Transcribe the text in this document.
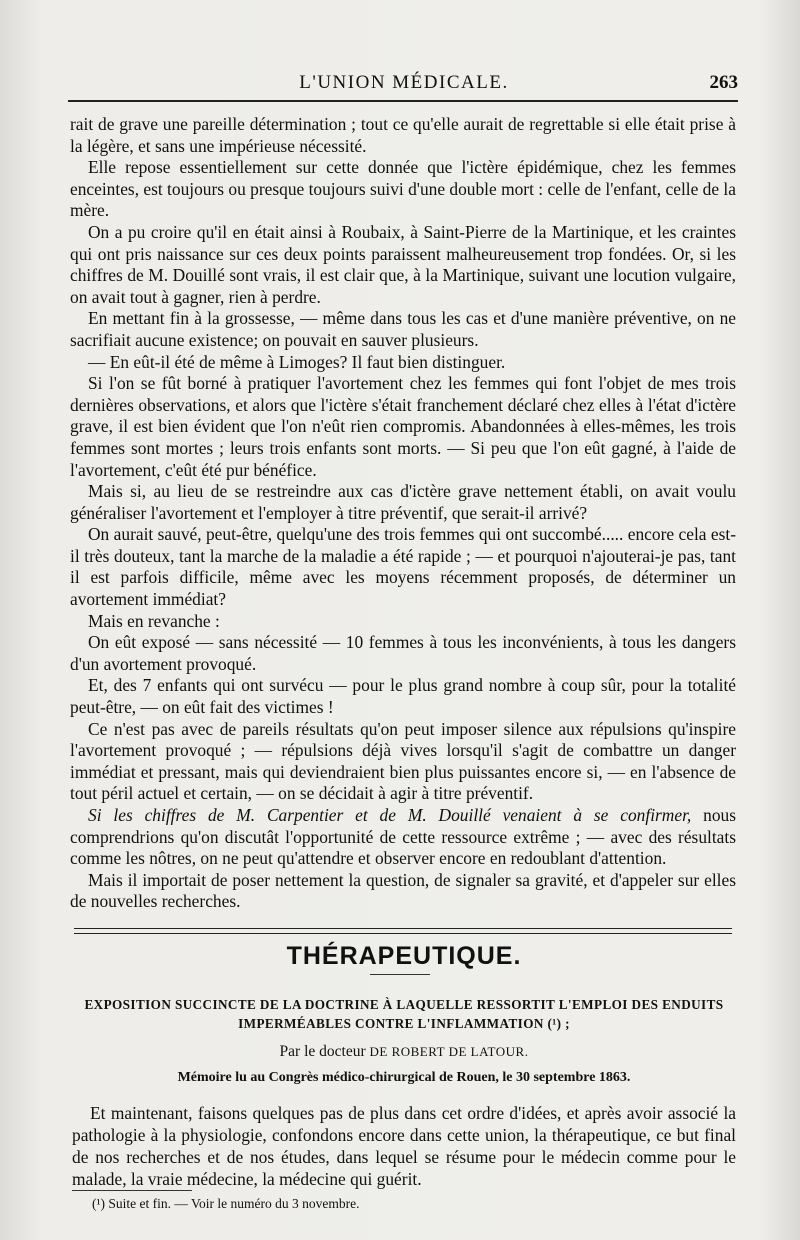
L'UNION MÉDICALE.	263

rait de grave une pareille détermination ; tout ce qu'elle aurait de regrettable si elle était prise à la légère, et sans une impérieuse nécessité.

Elle repose essentiellement sur cette donnée que l'ictère épidémique, chez les femmes enceintes, est toujours ou presque toujours suivi d'une double mort : celle de l'enfant, celle de la mère.

On a pu croire qu'il en était ainsi à Roubaix, à Saint-Pierre de la Martinique, et les craintes qui ont pris naissance sur ces deux points paraissent malheureusement trop fondées. Or, si les chiffres de M. Douillé sont vrais, il est clair que, à la Martinique, suivant une locution vulgaire, on avait tout à gagner, rien à perdre.

En mettant fin à la grossesse, — même dans tous les cas et d'une manière préventive, on ne sacrifiait aucune existence; on pouvait en sauver plusieurs.

— En eût-il été de même à Limoges? Il faut bien distinguer.

Si l'on se fût borné à pratiquer l'avortement chez les femmes qui font l'objet de mes trois dernières observations, et alors que l'ictère s'était franchement déclaré chez elles à l'état d'ictère grave, il est bien évident que l'on n'eût rien compromis. Abandonnées à elles-mêmes, les trois femmes sont mortes ; leurs trois enfants sont morts. — Si peu que l'on eût gagné, à l'aide de l'avortement, c'eût été pur bénéfice.

Mais si, au lieu de se restreindre aux cas d'ictère grave nettement établi, on avait voulu généraliser l'avortement et l'employer à titre préventif, que serait-il arrivé?

On aurait sauvé, peut-être, quelqu'une des trois femmes qui ont succombé..... encore cela est-il très douteux, tant la marche de la maladie a été rapide ; — et pourquoi n'ajouterai-je pas, tant il est parfois difficile, même avec les moyens récemment proposés, de déterminer un avortement immédiat?

Mais en revanche :

On eût exposé — sans nécessité — 10 femmes à tous les inconvénients, à tous les dangers d'un avortement provoqué.

Et, des 7 enfants qui ont survécu — pour le plus grand nombre à coup sûr, pour la totalité peut-être, — on eût fait des victimes !

Ce n'est pas avec de pareils résultats qu'on peut imposer silence aux répulsions qu'inspire l'avortement provoqué ; — répulsions déjà vives lorsqu'il s'agit de combattre un danger immédiat et pressant, mais qui deviendraient bien plus puissantes encore si, — en l'absence de tout péril actuel et certain, — on se décidait à agir à titre préventif.

Si les chiffres de M. Carpentier et de M. Douillé venaient à se confirmer, nous comprendrions qu'on discutât l'opportunité de cette ressource extrême ; — avec des résultats comme les nôtres, on ne peut qu'attendre et observer encore en redoublant d'attention.

Mais il importait de poser nettement la question, de signaler sa gravité, et d'appeler sur elles de nouvelles recherches.

THÉRAPEUTIQUE.
EXPOSITION SUCCINCTE DE LA DOCTRINE À LAQUELLE RESSORTIT L'EMPLOI DES ENDUITS IMPERMÉABLES CONTRE L'INFLAMMATION (¹) ;
Par le docteur DE ROBERT DE LATOUR.
Mémoire lu au Congrès médico-chirurgical de Rouen, le 30 septembre 1863.

Et maintenant, faisons quelques pas de plus dans cet ordre d'idées, et après avoir associé la pathologie à la physiologie, confondons encore dans cette union, la thérapeutique, ce but final de nos recherches et de nos études, dans lequel se résume pour le médecin comme pour le malade, la vraie médecine, la médecine qui guérit.

(¹) Suite et fin. — Voir le numéro du 3 novembre.
